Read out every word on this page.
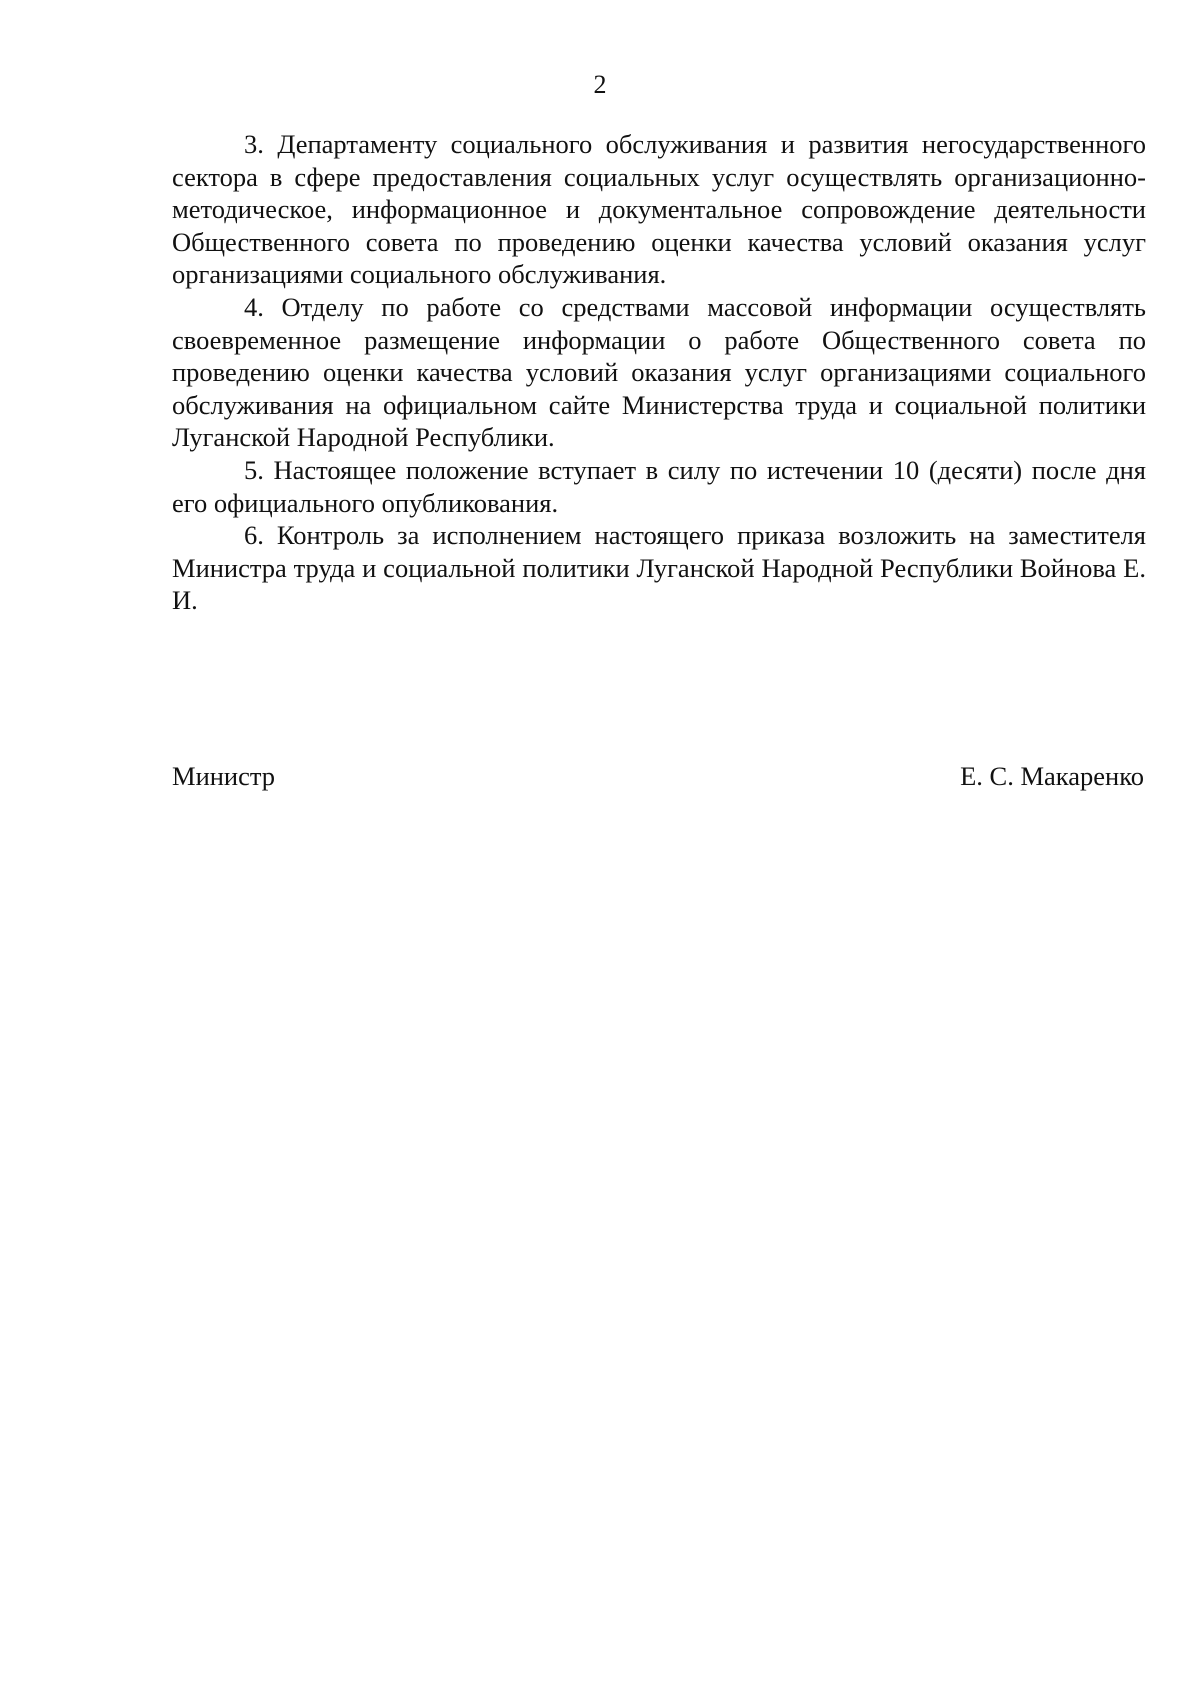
2

3. Департаменту социального обслуживания и развития негосударственного сектора в сфере предоставления социальных услуг осуществлять организационно-методическое, информационное и документальное сопровождение деятельности Общественного совета по проведению оценки качества условий оказания услуг организациями социального обслуживания.

4. Отделу по работе со средствами массовой информации осуществлять своевременное размещение информации о работе Общественного совета по проведению оценки качества условий оказания услуг организациями социального обслуживания на официальном сайте Министерства труда и социальной политики Луганской Народной Республики.

5. Настоящее положение вступает в силу по истечении 10 (десяти) после дня его официального опубликования.

6. Контроль за исполнением настоящего приказа возложить на заместителя Министра труда и социальной политики Луганской Народной Республики Войнова Е. И.

Министр	Е. С. Макаренко
